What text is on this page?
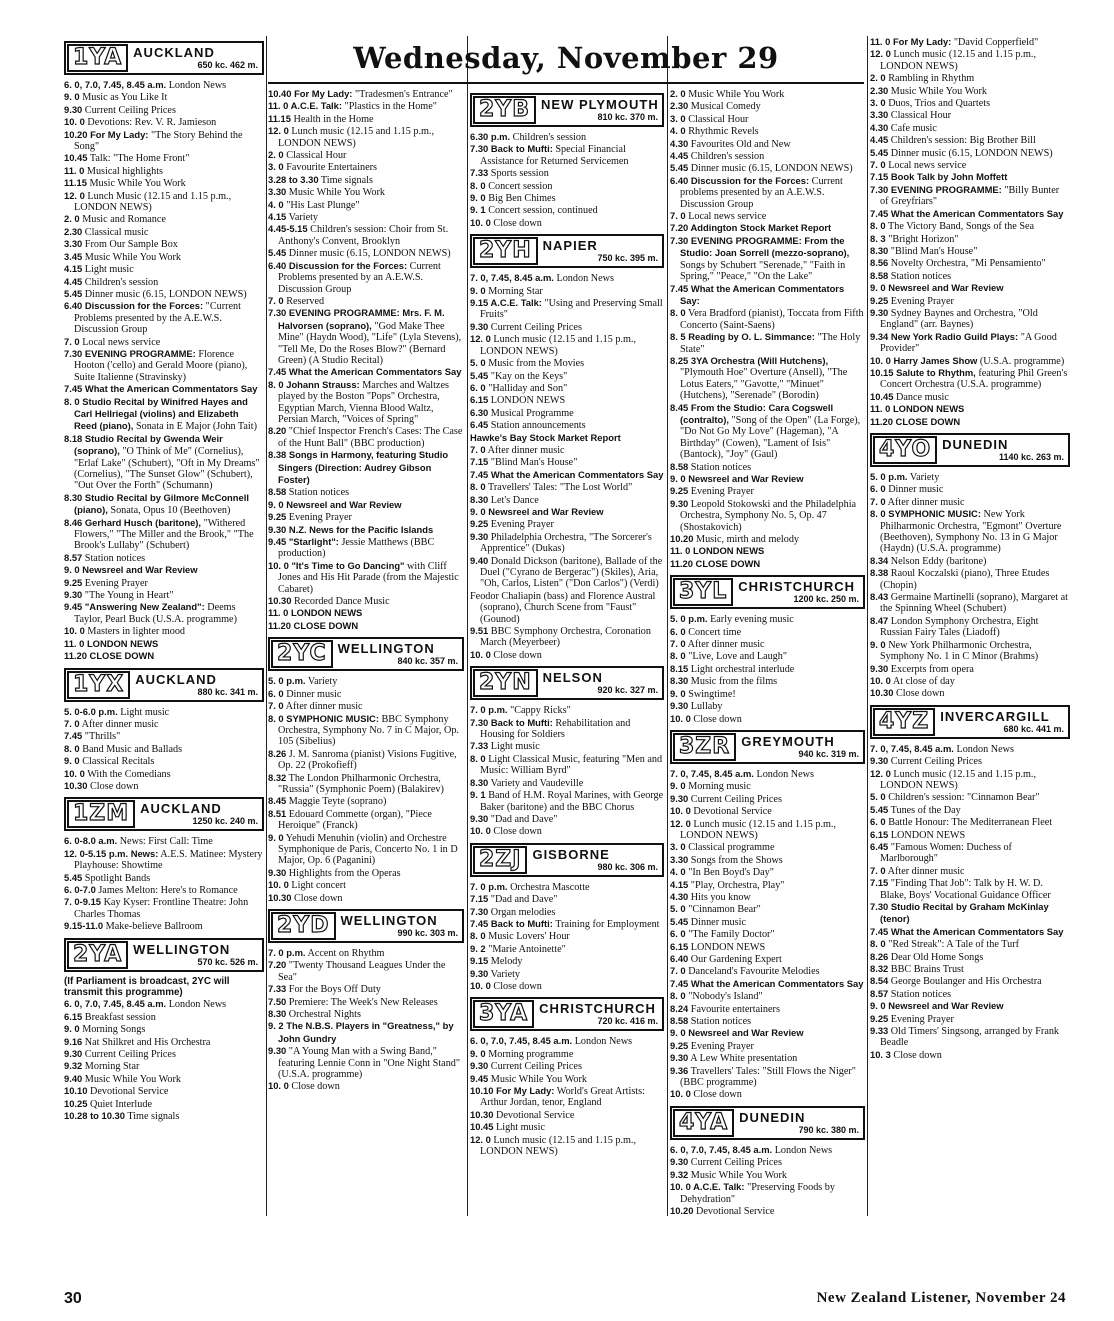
Wednesday, November 29
1YA AUCKLAND
650 kc. 462 m.

6. 0, 7.0, 7.45, 8.45 a.m. London News

9. 0 Music as You Like It

9.30 Current Ceiling Prices

10. 0 Devotions: Rev. V. R. Jamieson

10.20 For My Lady: "The Story Behind the Song"

10.45 Talk: "The Home Front"

11. 0 Musical highlights

11.15 Music While You Work

12. 0 Lunch Music (12.15 and 1.15 p.m., LONDON NEWS)

2. 0 Music and Romance

2.30 Classical music

3.30 From Our Sample Box

3.45 Music While You Work

4.15 Light music

4.45 Children's session

5.45 Dinner music (6.15, LONDON NEWS)

6.40 Discussion for the Forces: "Current Problems presented by the A.E.W.S. Discussion Group

7. 0 Local news service

7.30 EVENING PROGRAMME: Florence Hooton ('cello) and Gerald Moore (piano), Suite Italienne (Stravinsky)

7.45 What the American Commentators Say

8. 0 Studio Recital by Winifred Hayes and Carl Hellriegal (violins) and Elizabeth Reed (piano), Sonata in E Major (John Tait)

8.18 Studio Recital by Gwenda Weir (soprano), "O Think of Me" (Cornelius), "Erlaf Lake" (Schubert), "Oft in My Dreams" (Cornelius), "The Sunset Glow" (Schubert), "Out Over the Forth" (Schumann)

8.30 Studio Recital by Gilmore McConnell (piano), Sonata, Opus 10 (Beethoven)

8.46 Gerhard Husch (baritone), "Withered Flowers," "The Miller and the Brook," "The Brook's Lullaby" (Schubert)

8.57 Station notices

9. 0 Newsreel and War Review

9.25 Evening Prayer

9.30 "The Young in Heart"

9.45 "Answering New Zealand": Deems Taylor, Pearl Buck (U.S.A. programme)

10. 0 Masters in lighter mood

11. 0 LONDON NEWS

11.20 CLOSE DOWN

1YX AUCKLAND
880 kc. 341 m.

5. 0-6.0 p.m. Light music

7. 0 After dinner music

7.45 "Thrills"

8. 0 Band Music and Ballads

9. 0 Classical Recitals

10. 0 With the Comedians

10.30 Close down

1ZM AUCKLAND
1250 kc. 240 m.

6. 0-8.0 a.m. News: First Call: Time

12. 0-5.15 p.m. News: A.E.S. Matinee: Mystery Playhouse: Showtime

5.45 Spotlight Bands

6. 0-7.0 James Melton: Here's to Romance

7. 0-9.15 Kay Kyser: Frontline Theatre: John Charles Thomas

9.15-11.0 Make-believe Ballroom

2YA WELLINGTON
570 kc. 526 m.

(If Parliament is broadcast, 2YC will transmit this programme)

6. 0, 7.0, 7.45, 8.45 a.m. London News

6.15 Breakfast session

9. 0 Morning Songs

9.16 Nat Shilkret and His Orchestra

9.30 Current Ceiling Prices

9.32 Morning Star

9.40 Music While You Work

10.10 Devotional Service

10.25 Quiet Interlude

10.28 to 10.30 Time signals

10.40 For My Lady: "Tradesmen's Entrance"

11. 0 A.C.E. Talk: "Plastics in the Home"

11.15 Health in the Home

12. 0 Lunch music (12.15 and 1.15 p.m., LONDON NEWS)

2. 0 Classical Hour

3. 0 Favourite Entertainers

3.28 to 3.30 Time signals

3.30 Music While You Work

4. 0 "His Last Plunge"

4.15 Variety

4.45-5.15 Children's session: Choir from St. Anthony's Convent, Brooklyn

5.45 Dinner music (6.15, LONDON NEWS)

6.40 Discussion for the Forces: Current Problems presented by an A.E.W.S. Discussion Group

7. 0 Reserved

7.30 EVENING PROGRAMME: Mrs. F. M. Halvorsen (soprano), "God Make Thee Mine" (Haydn Wood), "Life" (Lyla Stevens), "Tell Me, Do the Roses Blow?" (Bernard Green) (A Studio Recital)

7.45 What the American Commentators Say

8. 0 Johann Strauss: Marches and Waltzes played by the Boston "Pops" Orchestra, Egyptian March, Vienna Blood Waltz, Persian March, "Voices of Spring"

8.20 "Chief Inspector French's Cases: The Case of the Hunt Ball" (BBC production)

8.38 Songs in Harmony, featuring Studio Singers (Direction: Audrey Gibson Foster)

8.58 Station notices

9. 0 Newsreel and War Review

9.25 Evening Prayer

9.30 N.Z. News for the Pacific Islands

9.45 "Starlight": Jessie Matthews (BBC production)

10. 0 "It's Time to Go Dancing" with Cliff Jones and His Hit Parade (from the Majestic Cabaret)

10.30 Recorded Dance Music

11. 0 LONDON NEWS

11.20 CLOSE DOWN

2YC WELLINGTON
840 kc. 357 m.

5. 0 p.m. Variety

6. 0 Dinner music

7. 0 After dinner music

8. 0 SYMPHONIC MUSIC: BBC Symphony Orchestra, Symphony No. 7 in C Major, Op. 105 (Sibelius)

8.26 J. M. Sanroma (pianist) Visions Fugitive, Op. 22 (Prokofieff)

8.32 The London Philharmonic Orchestra, "Russia" (Symphonic Poem) (Balakirev)

8.45 Maggie Teyte (soprano)

8.51 Edouard Commette (organ), "Piece Heroique" (Franck)

9. 0 Yehudi Menuhin (violin) and Orchestre Symphonique de Paris, Concerto No. 1 in D Major, Op. 6 (Paganini)

9.30 Highlights from the Operas

10. 0 Light concert

10.30 Close down

2YD WELLINGTON
990 kc. 303 m.

7. 0 p.m. Accent on Rhythm

7.20 "Twenty Thousand Leagues Under the Sea"

7.33 For the Boys Off Duty

7.50 Premiere: The Week's New Releases

8.30 Orchestral Nights

9. 2 The N.B.S. Players in "Greatness," by John Gundry

9.30 "A Young Man with a Swing Band," featuring Lennie Conn in "One Night Stand" (U.S.A. programme)

10. 0 Close down

2YB NEW PLYMOUTH
810 kc. 370 m.

6.30 p.m. Children's session

7.30 Back to Mufti: Special Financial Assistance for Returned Servicemen

7.33 Sports session

8. 0 Concert session

9. 0 Big Ben Chimes

9. 1 Concert session, continued

10. 0 Close down

2YH NAPIER
750 kc. 395 m.

7. 0, 7.45, 8.45 a.m. London News

9. 0 Morning Star

9.15 A.C.E. Talk: "Using and Preserving Small Fruits"

9.30 Current Ceiling Prices

12. 0 Lunch music (12.15 and 1.15 p.m., LONDON NEWS)

5. 0 Music from the Movies

5.45 "Kay on the Keys"

6. 0 "Halliday and Son"

6.15 LONDON NEWS

6.30 Musical Programme

6.45 Station announcements

Hawke's Bay Stock Market Report

7. 0 After dinner music

7.15 "Blind Man's House"

7.45 What the American Commentators Say

8. 0 Travellers' Tales: "The Lost World"

8.30 Let's Dance

9. 0 Newsreel and War Review

9.25 Evening Prayer

9.30 Philadelphia Orchestra, "The Sorcerer's Apprentice" (Dukas)

9.40 Donald Dickson (baritone), Ballade of the Duel ("Cyrano de Bergerac") (Skiles), Aria, "Oh, Carlos, Listen" ("Don Carlos") (Verdi)

Feodor Chaliapin (bass) and Florence Austral (soprano), Church Scene from "Faust" (Gounod)

9.51 BBC Symphony Orchestra, Coronation March (Meyerbeer)

10. 0 Close down

2YN NELSON
920 kc. 327 m.

7. 0 p.m. "Cappy Ricks"

7.30 Back to Mufti: Rehabilitation and Housing for Soldiers

7.33 Light music

8. 0 Light Classical Music, featuring "Men and Music: William Byrd"

8.30 Variety and Vaudeville

9. 1 Band of H.M. Royal Marines, with George Baker (baritone) and the BBC Chorus

9.30 "Dad and Dave"

10. 0 Close down

2ZJ GISBORNE
980 kc. 306 m.

7. 0 p.m. Orchestra Mascotte

7.15 "Dad and Dave"

7.30 Organ melodies

7.45 Back to Mufti: Training for Employment

8. 0 Music Lovers' Hour

9. 2 "Marie Antoinette"

9.15 Melody

9.30 Variety

10. 0 Close down

3YA CHRISTCHURCH
720 kc. 416 m.

6. 0, 7.0, 7.45, 8.45 a.m. London News

9. 0 Morning programme

9.30 Current Ceiling Prices

9.45 Music While You Work

10.10 For My Lady: World's Great Artists: Arthur Jordan, tenor, England

10.30 Devotional Service

10.45 Light music

12. 0 Lunch music (12.15 and 1.15 p.m., LONDON NEWS)

2. 0 Music While You Work

2.30 Musical Comedy

3. 0 Classical Hour

4. 0 Rhythmic Revels

4.30 Favourites Old and New

4.45 Children's session

5.45 Dinner music (6.15, LONDON NEWS)

6.40 Discussion for the Forces: Current problems presented by an A.E.W.S. Discussion Group

7. 0 Local news service

7.20 Addington Stock Market Report

7.30 EVENING PROGRAMME: From the Studio: Joan Sorrell (mezzo-soprano), Songs by Schubert "Serenade," "Faith in Spring," "Peace," "On the Lake"

7.45 What the American Commentators Say:

8. 0 Vera Bradford (pianist), Toccata from Fifth Concerto (Saint-Saens)

8. 5 Reading by O. L. Simmance: "The Holy State"

8.25 3YA Orchestra (Will Hutchens), "Plymouth Hoe" Overture (Ansell), "The Lotus Eaters," "Gavotte," "Minuet" (Hutchens), "Serenade" (Borodin)

8.45 From the Studio: Cara Cogswell (contralto), "Song of the Open" (La Forge), "Do Not Go My Love" (Hageman), "A Birthday" (Cowen), "Lament of Isis" (Bantock), "Joy" (Gaul)

8.58 Station notices

9. 0 Newsreel and War Review

9.25 Evening Prayer

9.30 Leopold Stokowski and the Philadelphia Orchestra, Symphony No. 5, Op. 47 (Shostakovich)

10.20 Music, mirth and melody

11. 0 LONDON NEWS

11.20 CLOSE DOWN

3YL CHRISTCHURCH
1200 kc. 250 m.

5. 0 p.m. Early evening music

6. 0 Concert time

7. 0 After dinner music

8. 0 "Live, Love and Laugh"

8.15 Light orchestral interlude

8.30 Music from the films

9. 0 Swingtime!

9.30 Lullaby

10. 0 Close down

3ZR GREYMOUTH
940 kc. 319 m.

7. 0, 7.45, 8.45 a.m. London News

9. 0 Morning music

9.30 Current Ceiling Prices

10. 0 Devotional Service

12. 0 Lunch music (12.15 and 1.15 p.m., LONDON NEWS)

3. 0 Classical programme

3.30 Songs from the Shows

4. 0 "In Ben Boyd's Day"

4.15 "Play, Orchestra, Play"

4.30 Hits you know

5. 0 "Cinnamon Bear"

5.45 Dinner music

6. 0 "The Family Doctor"

6.15 LONDON NEWS

6.40 Our Gardening Expert

7. 0 Danceland's Favourite Melodies

7.45 What the American Commentators Say

8. 0 "Nobody's Island"

8.24 Favourite entertainers

8.58 Station notices

9. 0 Newsreel and War Review

9.25 Evening Prayer

9.30 A Lew White presentation

9.36 Travellers' Tales: "Still Flows the Niger" (BBC programme)

10. 0 Close down

4YA DUNEDIN
790 kc. 380 m.

6. 0, 7.0, 7.45, 8.45 a.m. London News

9.30 Current Ceiling Prices

9.32 Music While You Work

10. 0 A.C.E. Talk: "Preserving Foods by Dehydration"

10.20 Devotional Service

11. 0 For My Lady: "David Copperfield"

12. 0 Lunch music (12.15 and 1.15 p.m., LONDON NEWS)

2. 0 Rambling in Rhythm

2.30 Music While You Work

3. 0 Duos, Trios and Quartets

3.30 Classical Hour

4.30 Cafe music

4.45 Children's session: Big Brother Bill

5.45 Dinner music (6.15, LONDON NEWS)

7. 0 Local news service

7.15 Book Talk by John Moffett

7.30 EVENING PROGRAMME: "Billy Bunter of Greyfriars"

7.45 What the American Commentators Say

8. 0 The Victory Band, Songs of the Sea

8. 3 "Bright Horizon"

8.30 "Blind Man's House"

8.56 Novelty Orchestra, "Mi Pensamiento"

8.58 Station notices

9. 0 Newsreel and War Review

9.25 Evening Prayer

9.30 Sydney Baynes and Orchestra, "Old England" (arr. Baynes)

9.34 New York Radio Guild Plays: "A Good Provider"

10. 0 Harry James Show (U.S.A. programme)

10.15 Salute to Rhythm, featuring Phil Green's Concert Orchestra (U.S.A. programme)

10.45 Dance music

11. 0 LONDON NEWS

11.20 CLOSE DOWN

4YO DUNEDIN
1140 kc. 263 m.

5. 0 p.m. Variety

6. 0 Dinner music

7. 0 After dinner music

8. 0 SYMPHONIC MUSIC: New York Philharmonic Orchestra, "Egmont" Overture (Beethoven), Symphony No. 13 in G Major (Haydn) (U.S.A. programme)

8.34 Nelson Eddy (baritone)

8.38 Raoul Koczalski (piano), Three Etudes (Chopin)

8.43 Germaine Martinelli (soprano), Margaret at the Spinning Wheel (Schubert)

8.47 London Symphony Orchestra, Eight Russian Fairy Tales (Liadoff)

9. 0 New York Philharmonic Orchestra, Symphony No. 1 in C Minor (Brahms)

9.30 Excerpts from opera

10. 0 At close of day

10.30 Close down

4YZ INVERCARGILL
680 kc. 441 m.

7. 0, 7.45, 8.45 a.m. London News

9.30 Current Ceiling Prices

12. 0 Lunch music (12.15 and 1.15 p.m., LONDON NEWS)

5. 0 Children's session: "Cinnamon Bear"

5.45 Tunes of the Day

6. 0 Battle Honour: The Mediterranean Fleet

6.15 LONDON NEWS

6.45 "Famous Women: Duchess of Marlborough"

7. 0 After dinner music

7.15 "Finding That Job": Talk by H. W. D. Blake, Boys' Vocational Guidance Officer

7.30 Studio Recital by Graham McKinlay (tenor)

7.45 What the American Commentators Say

8. 0 "Red Streak": A Tale of the Turf

8.26 Dear Old Home Songs

8.32 BBC Brains Trust

8.54 George Boulanger and His Orchestra

8.57 Station notices

9. 0 Newsreel and War Review

9.25 Evening Prayer

9.33 Old Timers' Singsong, arranged by Frank Beadle

10. 3 Close down

30	New Zealand Listener, November 24
